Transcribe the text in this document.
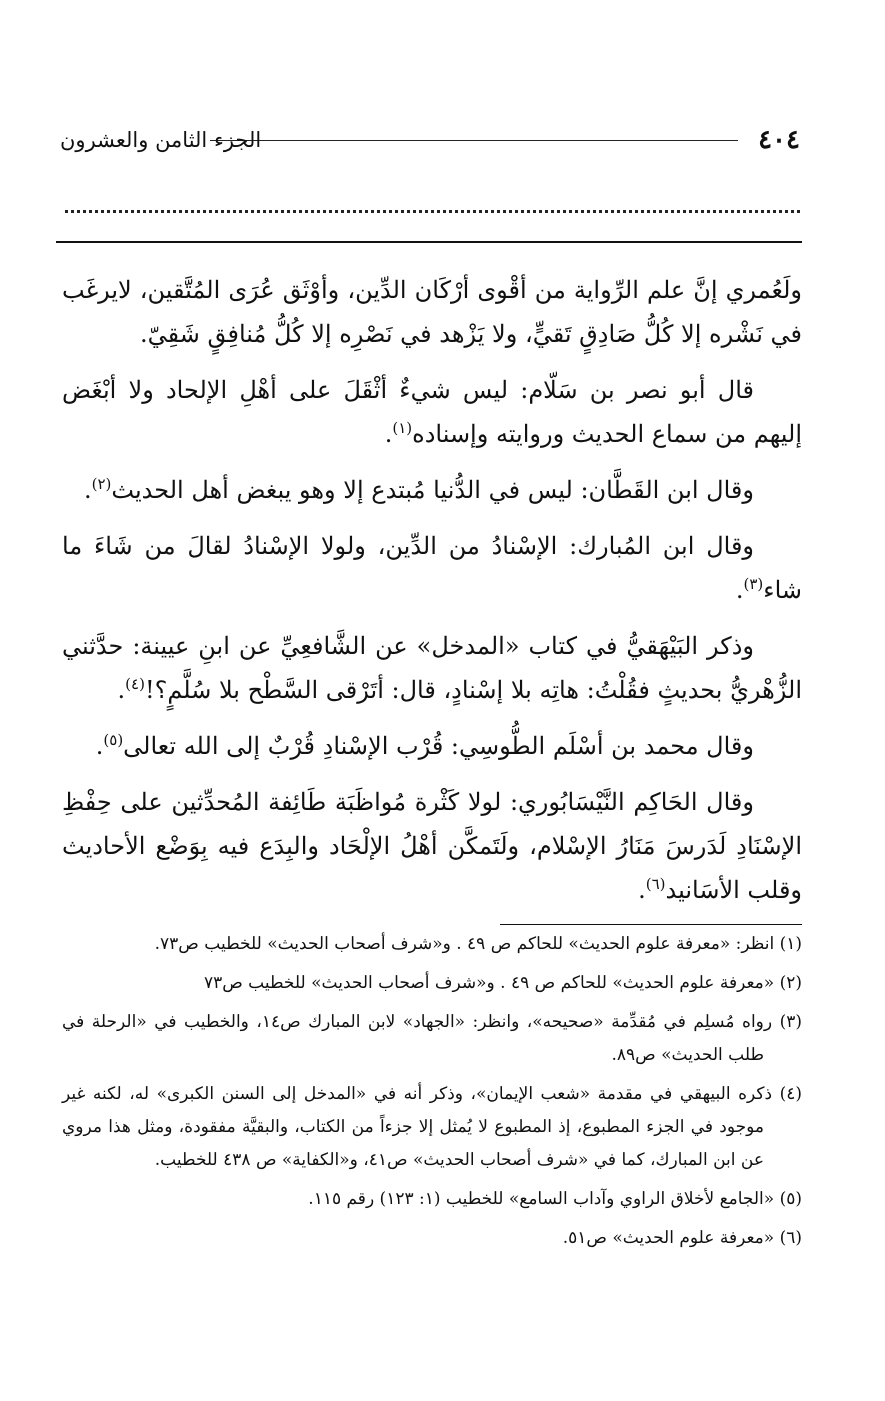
٤٠٤
الجزء الثامن والعشرون

ولَعُمري إنَّ علم الرِّواية من أقْوى أرْكَان الدِّين، وأوْثَق عُرَى المُتَّقين، لايرغَب في نَشْره إلا كُلُّ صَادِقٍ تَقيٍّ، ولا يَزْهد في نَصْرِه إلا كُلُّ مُنافِقٍ شَقِيّ.

قال أبو نصر بن سَلّام: ليس شيءٌ أثْقَلَ على أهْلِ الإلحاد ولا أبْغَض إليهم من سماع الحديث وروايته وإسناده$^{(١)}$.

وقال ابن القَطَّان: ليس في الدُّنيا مُبتدع إلا وهو يبغض أهل الحديث$^{(٢)}$.

وقال ابن المُبارك: الإسْنادُ من الدِّين، ولولا الإسْنادُ لقالَ من شَاءَ ما شاء$^{(٣)}$.

وذكر البَيْهَقيُّ في كتاب «المدخل» عن الشَّافعِيِّ عن ابنِ عيينة: حدَّثني الزُّهْريُّ بحديثٍ فقُلْتُ: هاتِه بلا إسْنادٍ، قال: أتَرْقى السَّطْح بلا سُلَّمٍ؟!$^{(٤)}$.

وقال محمد بن أسْلَم الطُّوسِي: قُرْب الإسْنادِ قُرْبٌ إلى الله تعالى$^{(٥)}$.

وقال الحَاكِم النَّيْسَابُوري: لولا كَثْرة مُواظَبَة طَائِفة المُحدِّثين على حِفْظِ الإسْنَادِ لَدَرسَ مَنَارُ الإسْلام، ولَتَمكَّن أهْلُ الإلْحَاد والبِدَع فيه بِوَضْع الأحاديث وقلب الأسَانيد$^{(٦)}$.

(١) انظر: «معرفة علوم الحديث» للحاكم ص ٤٩ . و«شرف أصحاب الحديث» للخطيب ص٧٣.

(٢) «معرفة علوم الحديث» للحاكم ص ٤٩ . و«شرف أصحاب الحديث» للخطيب ص٧٣

(٣) رواه مُسلِم في مُقدِّمة «صحيحه»، وانظر: «الجهاد» لابن المبارك ص١٤، والخطيب في «الرحلة في طلب الحديث» ص٨٩.

(٤) ذكره البيهقي في مقدمة «شعب الإيمان»، وذكر أنه في «المدخل إلى السنن الكبرى» له، لكنه غير موجود في الجزء المطبوع، إذ المطبوع لا يُمثل إلا جزءاً من الكتاب، والبقيَّة مفقودة، ومثل هذا مروي عن ابن المبارك، كما في «شرف أصحاب الحديث» ص٤١، و«الكفاية» ص ٤٣٨ للخطيب.

(٥) «الجامع لأخلاق الراوي وآداب السامع» للخطيب (١: ١٢٣) رقم ١١٥.

(٦) «معرفة علوم الحديث» ص٥١.
